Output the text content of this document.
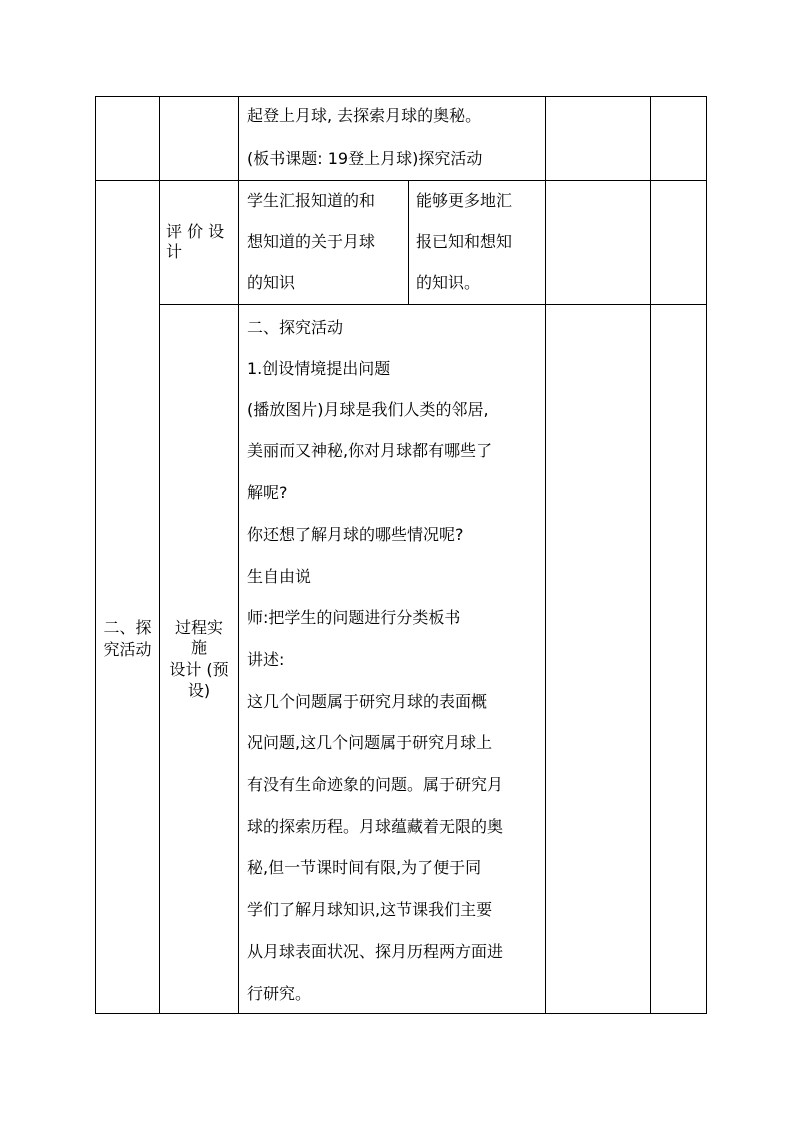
起登上月球, 去探索月球的奥秘。
(板书课题: 19登上月球)探究活动
二、探
究活动
评 价 设
计
学生汇报知道的和
想知道的关于月球
的知识
能够更多地汇
报已知和想知
的知识。
过程实
施
设计 (预
设)
二、探究活动
1.创设情境提出问题
(播放图片)月球是我们人类的邻居,
美丽而又神秘,你对月球都有哪些了
解呢?
你还想了解月球的哪些情况呢?
生自由说
师:把学生的问题进行分类板书
讲述:
这几个问题属于研究月球的表面概
况问题,这几个问题属于研究月球上
有没有生命迹象的问题。属于研究月
球的探索历程。月球蕴藏着无限的奥
秘,但一节课时间有限,为了便于同
学们了解月球知识,这节课我们主要
从月球表面状况、探月历程两方面进
行研究。
